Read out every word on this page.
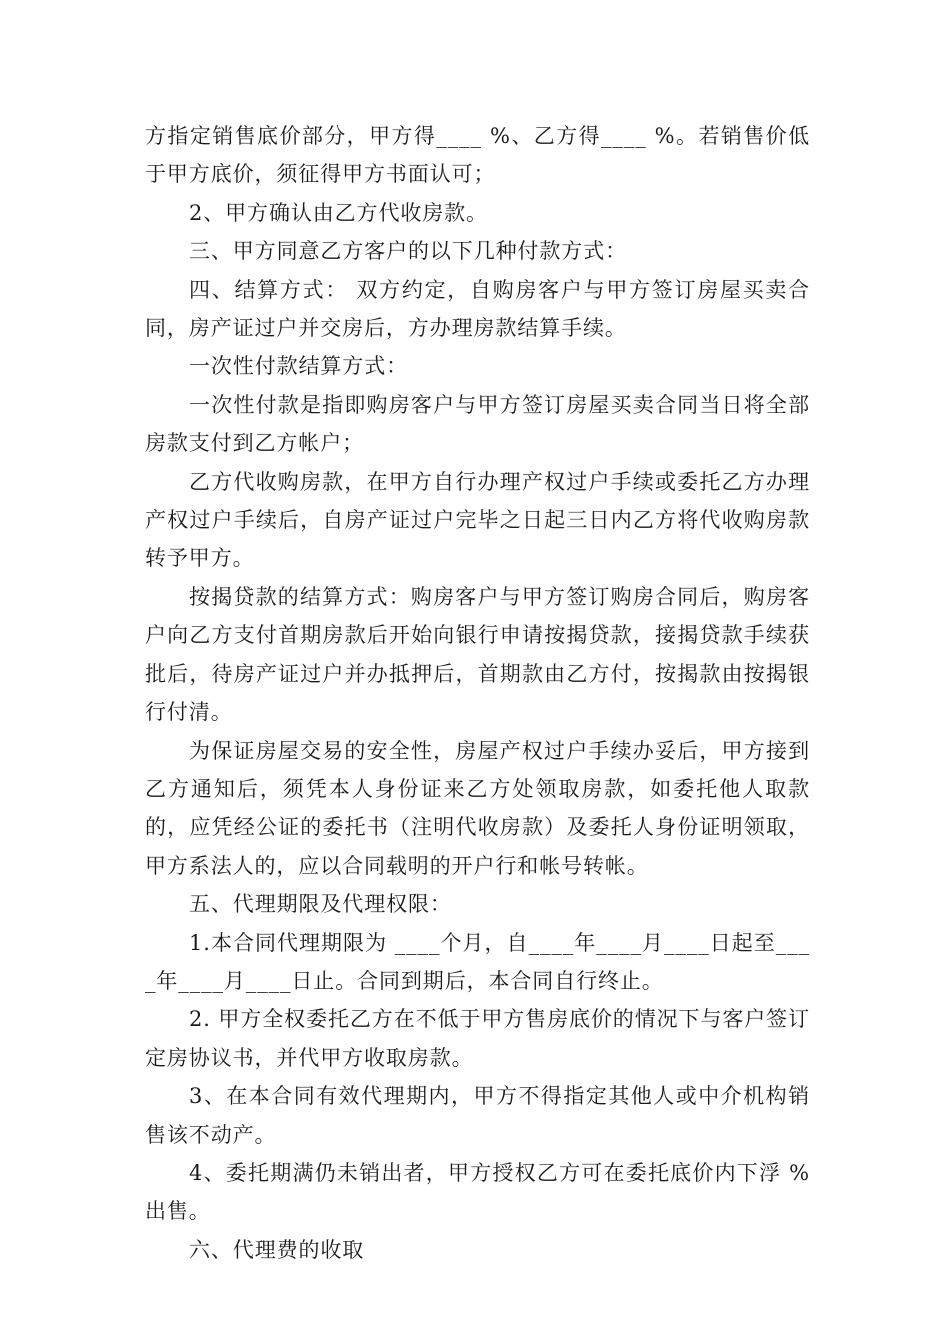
方指定销售底价部分，甲方得____ %、乙方得____ %。若销售价低于甲方底价，须征得甲方书面认可；

2、甲方确认由乙方代收房款。

三、甲方同意乙方客户的以下几种付款方式：

四、结算方式： 双方约定，自购房客户与甲方签订房屋买卖合同，房产证过户并交房后，方办理房款结算手续。

一次性付款结算方式：

一次性付款是指即购房客户与甲方签订房屋买卖合同当日将全部房款支付到乙方帐户；

乙方代收购房款，在甲方自行办理产权过户手续或委托乙方办理产权过户手续后，自房产证过户完毕之日起三日内乙方将代收购房款转予甲方。

按揭贷款的结算方式：购房客户与甲方签订购房合同后，购房客户向乙方支付首期房款后开始向银行申请按揭贷款，接揭贷款手续获批后，待房产证过户并办抵押后，首期款由乙方付，按揭款由按揭银行付清。

为保证房屋交易的安全性，房屋产权过户手续办妥后，甲方接到乙方通知后，须凭本人身份证来乙方处领取房款，如委托他人取款的，应凭经公证的委托书（注明代收房款）及委托人身份证明领取，甲方系法人的，应以合同载明的开户行和帐号转帐。

五、代理期限及代理权限：

1.本合同代理期限为 ____个月，自____年____月____日起至____年____月____日止。合同到期后，本合同自行终止。

2. 甲方全权委托乙方在不低于甲方售房底价的情况下与客户签订定房协议书，并代甲方收取房款。

3、在本合同有效代理期内，甲方不得指定其他人或中介机构销售该不动产。

4、委托期满仍未销出者，甲方授权乙方可在委托底价内下浮 %出售。

六、代理费的收取
